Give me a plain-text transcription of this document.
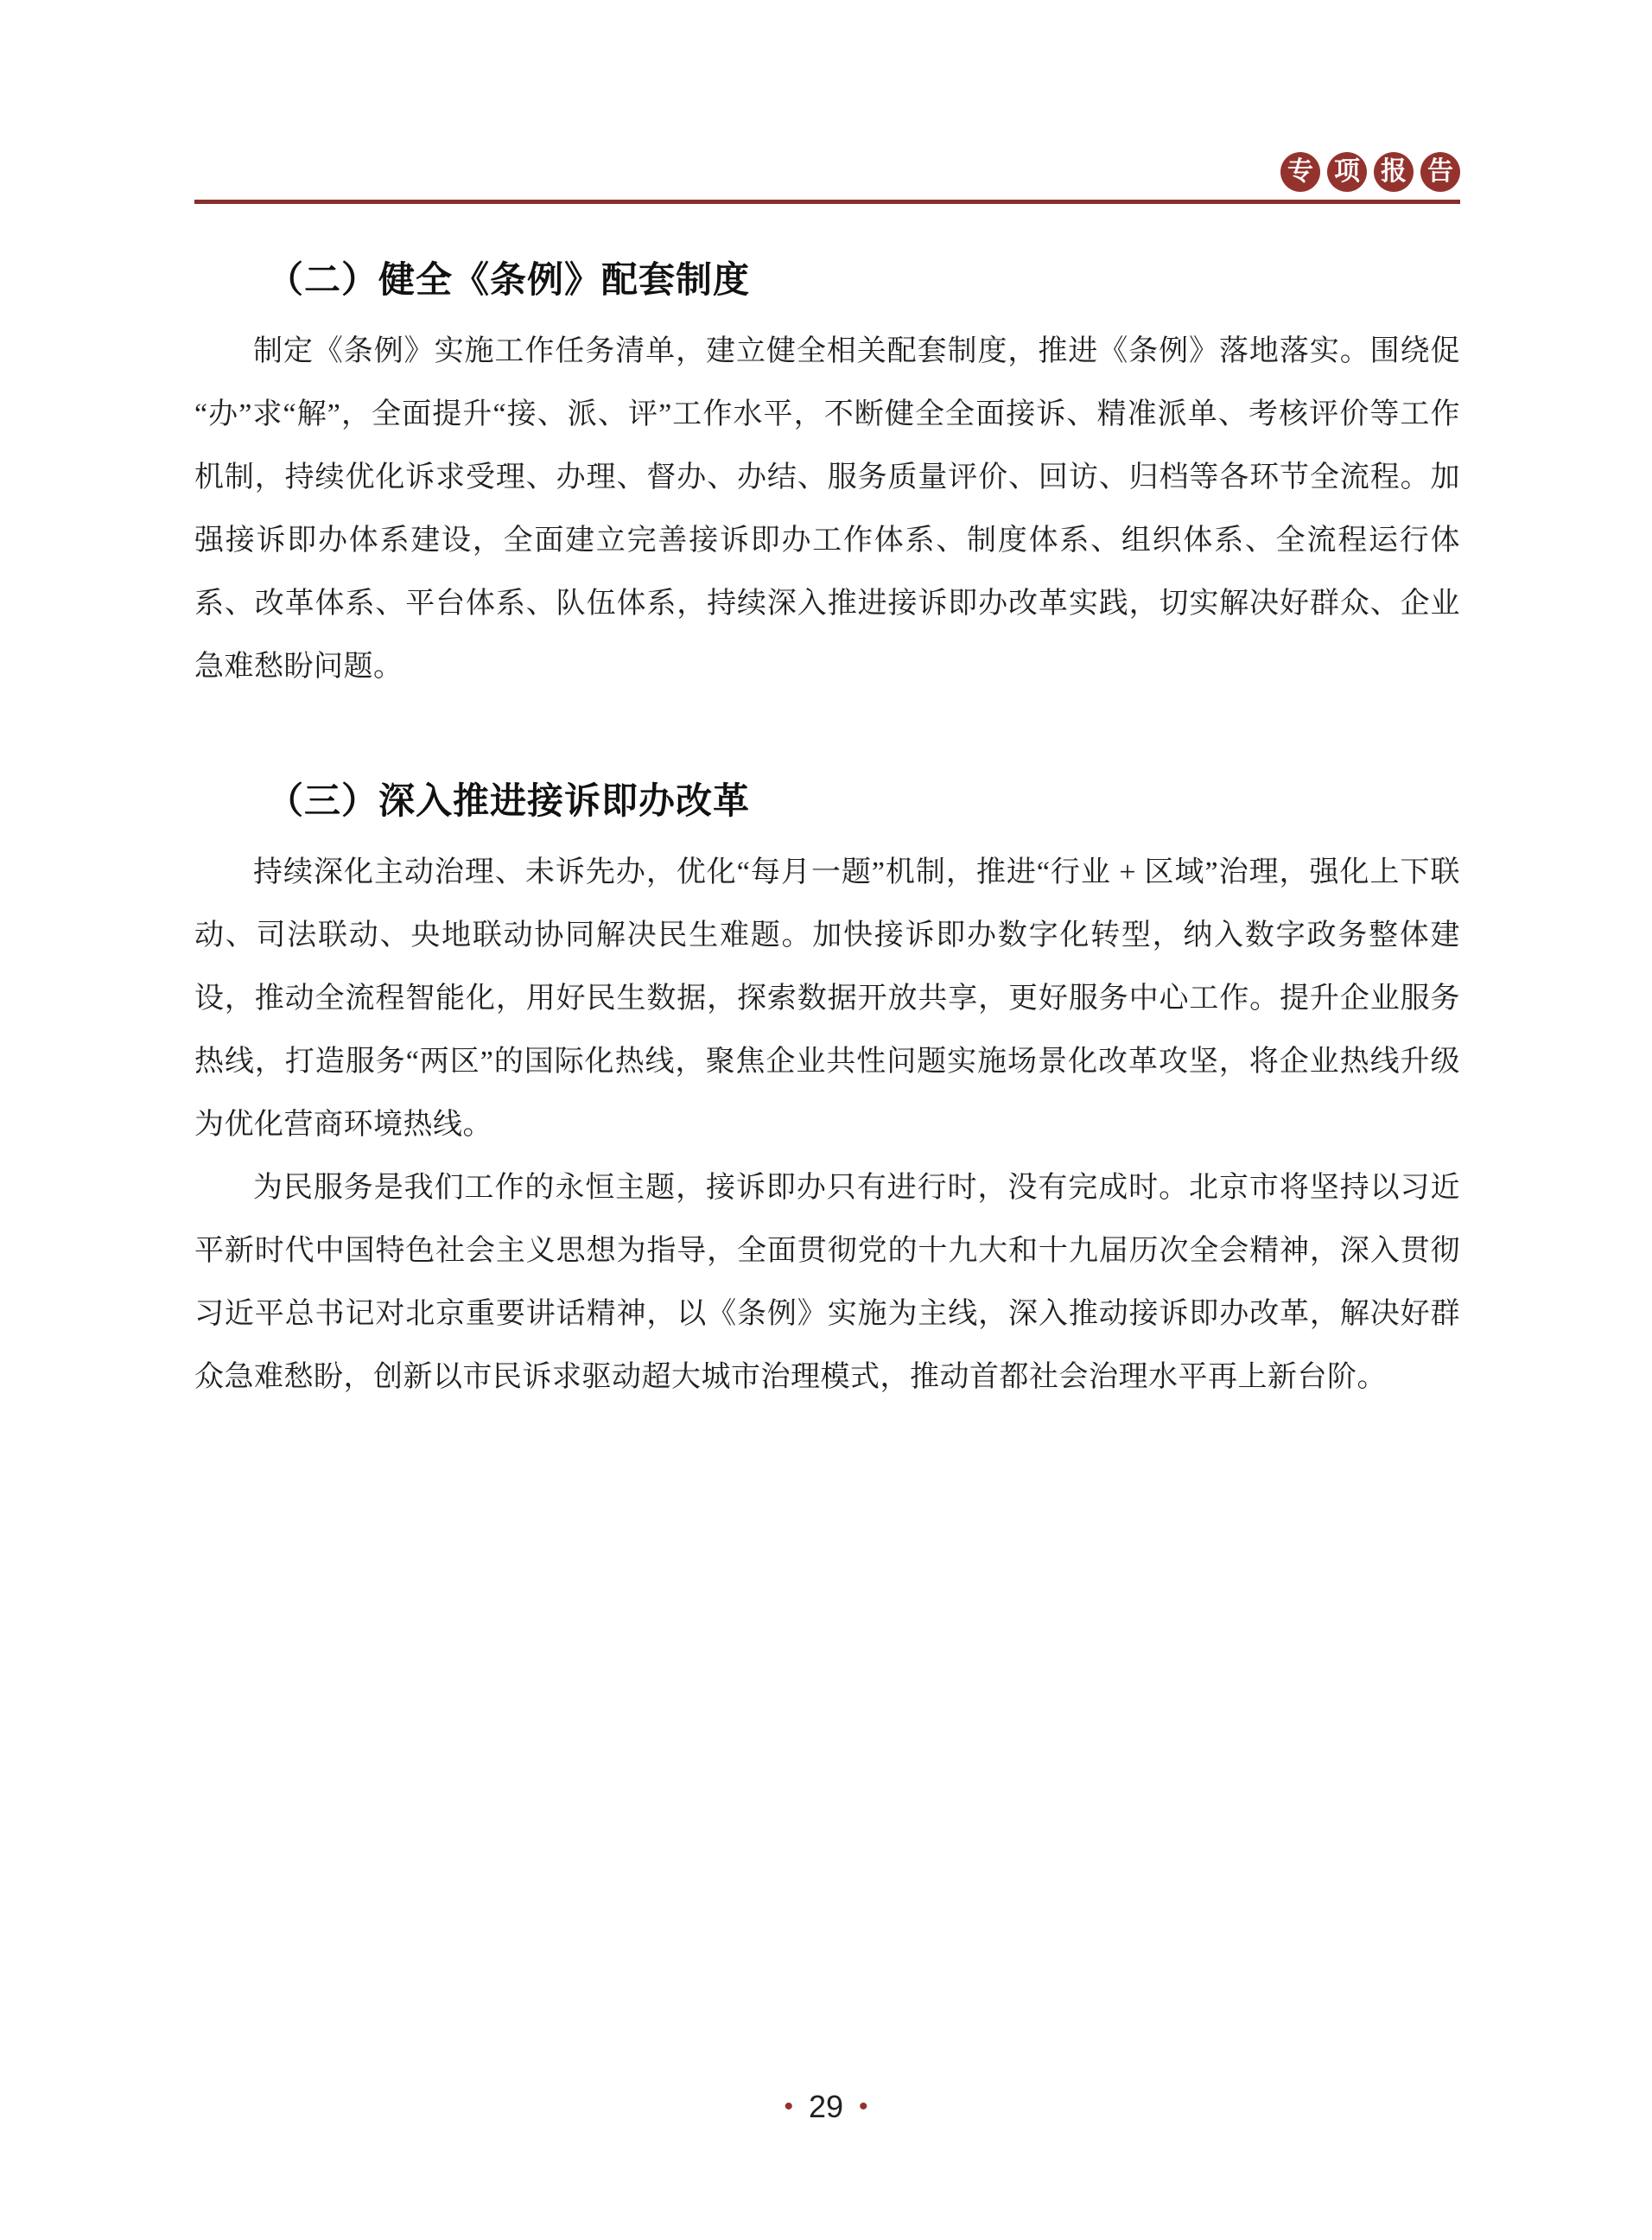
专 项 报 告
（二）健全《条例》配套制度

制定《条例》实施工作任务清单，建立健全相关配套制度，推进《条例》落地落实。围绕促“办”求“解”，全面提升“接、派、评”工作水平，不断健全全面接诉、精准派单、考核评价等工作机制，持续优化诉求受理、办理、督办、办结、服务质量评价、回访、归档等各环节全流程。加强接诉即办体系建设，全面建立完善接诉即办工作体系、制度体系、组织体系、全流程运行体系、改革体系、平台体系、队伍体系，持续深入推进接诉即办改革实践，切实解决好群众、企业急难愁盼问题。

（三）深入推进接诉即办改革

持续深化主动治理、未诉先办，优化“每月一题”机制，推进“行业 + 区域”治理，强化上下联动、司法联动、央地联动协同解决民生难题。加快接诉即办数字化转型，纳入数字政务整体建设，推动全流程智能化，用好民生数据，探索数据开放共享，更好服务中心工作。提升企业服务热线，打造服务“两区”的国际化热线，聚焦企业共性问题实施场景化改革攻坚，将企业热线升级为优化营商环境热线。

为民服务是我们工作的永恒主题，接诉即办只有进行时，没有完成时。北京市将坚持以习近平新时代中国特色社会主义思想为指导，全面贯彻党的十九大和十九届历次全会精神，深入贯彻习近平总书记对北京重要讲话精神，以《条例》实施为主线，深入推动接诉即办改革，解决好群众急难愁盼，创新以市民诉求驱动超大城市治理模式，推动首都社会治理水平再上新台阶。

• 29 •
